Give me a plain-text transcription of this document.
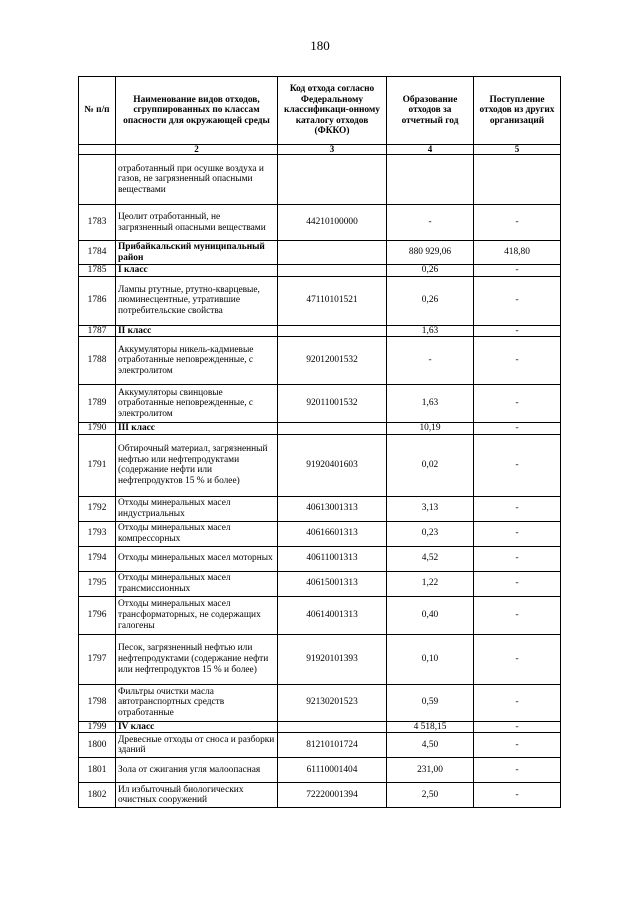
180
№ п/п	Наименование видов отходов, сгруппированных по классам опасности для окружающей среды	Код отхода согласно Федеральному классификаци-онному каталогу отходов (ФККО)	Образование отходов за отчетный год	Поступление отходов из других организаций
	2	3	4	5
	отработанный при осушке воздуха и газов, не загрязненный опасными веществами			
1783	Цеолит отработанный, не загрязненный опасными веществами	44210100000	-	-
1784	Прибайкальский муниципальный район		880 929,06	418,80
1785	I класс		0,26	-
1786	Лампы ртутные, ртутно-кварцевые, люминесцентные, утратившие потребительские свойства	47110101521	0,26	-
1787	II класс		1,63	-
1788	Аккумуляторы никель-кадмиевые отработанные неповрежденные, с электролитом	92012001532	-	-
1789	Аккумуляторы свинцовые отработанные неповрежденные, с электролитом	92011001532	1,63	-
1790	III класс		10,19	-
1791	Обтирочный материал, загрязненный нефтью или нефтепродуктами (содержание нефти или нефтепродуктов 15 % и более)	91920401603	0,02	-
1792	Отходы минеральных масел индустриальных	40613001313	3,13	-
1793	Отходы минеральных масел компрессорных	40616601313	0,23	-
1794	Отходы минеральных масел моторных	40611001313	4,52	-
1795	Отходы минеральных масел трансмиссионных	40615001313	1,22	-
1796	Отходы минеральных масел трансформаторных, не содержащих галогены	40614001313	0,40	-
1797	Песок, загрязненный нефтью или нефтепродуктами (содержание нефти или нефтепродуктов 15 % и более)	91920101393	0,10	-
1798	Фильтры очистки масла автотранспортных средств отработанные	92130201523	0,59	-
1799	IV класс		4 518,15	-
1800	Древесные отходы от сноса и разборки зданий	81210101724	4,50	-
1801	Зола от сжигания угля малоопасная	61110001404	231,00	-
1802	Ил избыточный биологических очистных сооружений	72220001394	2,50	-
